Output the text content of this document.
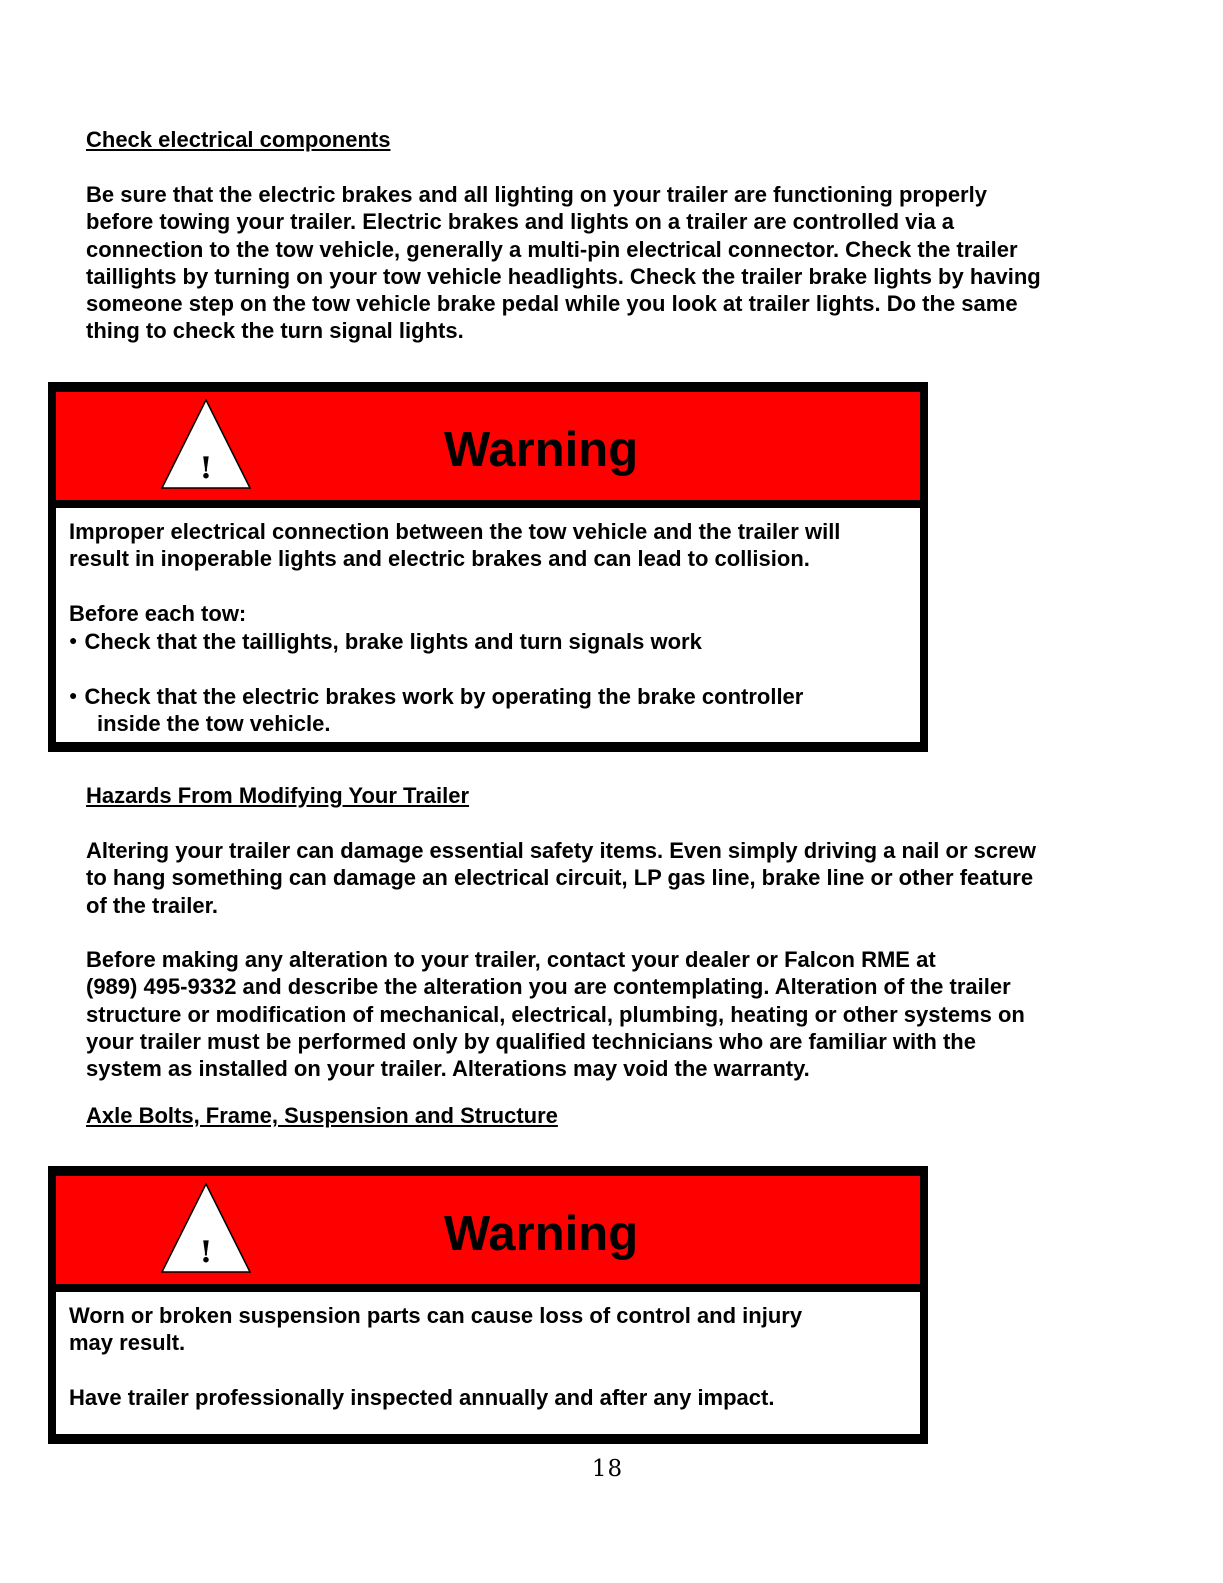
Check electrical components
Be sure that the electric brakes and all lighting on your trailer are functioning properly
before towing your trailer. Electric brakes and lights on a trailer are controlled via a
connection to the tow vehicle, generally a multi-pin electrical connector. Check the trailer
taillights by turning on your tow vehicle headlights. Check the trailer brake lights by having
someone step on the tow vehicle brake pedal while you look at trailer lights. Do the same
thing to check the turn signal lights.
!	Warning
Improper electrical connection between the tow vehicle and the trailer will
result in inoperable lights and electric brakes and can lead to collision.
Before each tow:
● Check that the taillights, brake lights and turn signals work
● Check that the electric brakes work by operating the brake controller
inside the tow vehicle.
Hazards From Modifying Your Trailer
Altering your trailer can damage essential safety items. Even simply driving a nail or screw
to hang something can damage an electrical circuit, LP gas line, brake line or other feature
of the trailer.
Before making any alteration to your trailer, contact your dealer or Falcon RME at
(989) 495-9332 and describe the alteration you are contemplating. Alteration of the trailer
structure or modification of mechanical, electrical, plumbing, heating or other systems on
your trailer must be performed only by qualified technicians who are familiar with the
system as installed on your trailer. Alterations may void the warranty.
Axle Bolts, Frame, Suspension and Structure
!	Warning
Worn or broken suspension parts can cause loss of control and injury
may result.
Have trailer professionally inspected annually and after any impact.
18
